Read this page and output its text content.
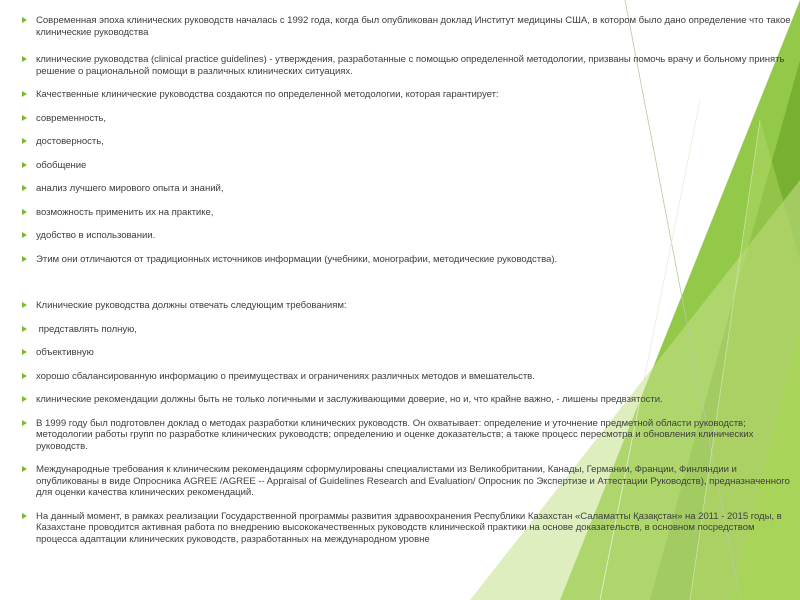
Современная эпоха клинических руководств началась с 1992 года, когда был опубликован доклад Институт медицины США, в котором было дано определение что такое клинические руководства
клинические руководства (clinical practice guidelines) - утверждения, разработанные с помощью определенной методологии, призваны помочь врачу и больному принять решение о рациональной помощи в различных клинических ситуациях.
Качественные клинические руководства создаются по определенной методологии, которая гарантирует:
современность,
достоверность,
обобщение
анализ лучшего мирового опыта и знаний,
возможность применить их на практике,
удобство в использовании.
Этим они отличаются от традиционных источников информации (учебники, монографии, методические руководства).
Клинические руководства должны отвечать следующим требованиям:
представлять полную,
объективную
хорошо сбалансированную информацию о преимуществах и ограничениях различных методов и вмешательств.
клинические рекомендации должны быть не только логичными и заслуживающими доверие, но и, что крайне важно, - лишены предвзятости.
В 1999 году был подготовлен доклад о методах разработки клинических руководств. Он охватывает: определение и уточнение предметной области руководств; методологии работы групп по разработке клинических руководств; определению и оценке доказательств; а также процесс пересмотра и обновления клинических руководств.
Международные требования к клиническим рекомендациям сформулированы специалистами из Великобритании, Канады, Германии, Франции, Финляндии и опубликованы в виде Опросника AGREE /AGREE -- Appraisal of Guidelines Research and Evaluation/ Опросник по Экспертизе и Аттестации Руководств), предназначенного для оценки качества клинических рекомендаций.
На данный момент, в рамках реализации Государственной программы развития здравоохранения Республики Казахстан «Саламатты Қазақстан» на 2011 - 2015 годы, в Казахстане проводится активная работа по внедрению высококачественных руководств клинической практики на основе доказательств, в основном посредством процесса адаптации клинических руководств, разработанных на международном уровне
